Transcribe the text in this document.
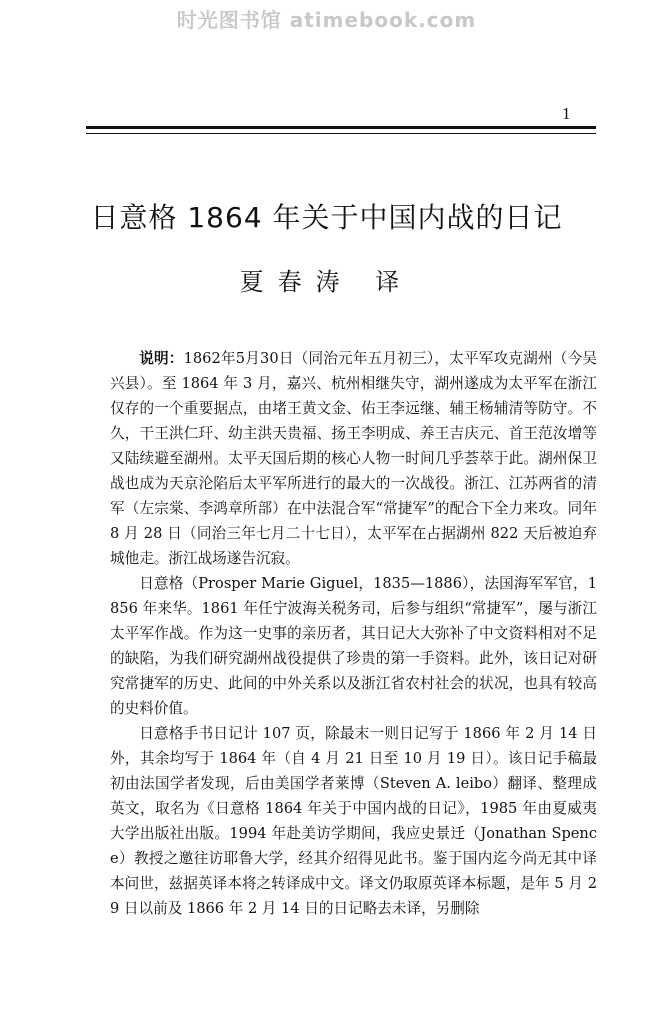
时光图书馆 atimebook.com
1
日意格 1864 年关于中国内战的日记
夏春涛 译

说明：1862年5月30日（同治元年五月初三），太平军攻克湖州（今吴兴县）。至 1864 年 3 月，嘉兴、杭州相继失守，湖州遂成为太平军在浙江仅存的一个重要据点，由堵王黄文金、佑王李远继、辅王杨辅清等防守。不久，干王洪仁玕、幼主洪天贵福、扬王李明成、养王吉庆元、首王范汝增等又陆续避至湖州。太平天国后期的核心人物一时间几乎荟萃于此。湖州保卫战也成为天京沦陷后太平军所进行的最大的一次战役。浙江、江苏两省的清军（左宗棠、李鸿章所部）在中法混合军“常捷军”的配合下全力来攻。同年 8 月 28 日（同治三年七月二十七日），太平军在占据湖州 822 天后被迫弃城他走。浙江战场遂告沉寂。

日意格（Prosper Marie Giguel，1835—1886），法国海军军官，1856 年来华。1861 年任宁波海关税务司，后参与组织“常捷军”，屡与浙江太平军作战。作为这一史事的亲历者，其日记大大弥补了中文资料相对不足的缺陷，为我们研究湖州战役提供了珍贵的第一手资料。此外，该日记对研究常捷军的历史、此间的中外关系以及浙江省农村社会的状况，也具有较高的史料价值。

日意格手书日记计 107 页，除最末一则日记写于 1866 年 2 月 14 日外，其余均写于 1864 年（自 4 月 21 日至 10 月 19 日）。该日记手稿最初由法国学者发现，后由美国学者莱博（Steven A. leibo）翻译、整理成英文，取名为《日意格 1864 年关于中国内战的日记》，1985 年由夏威夷大学出版社出版。1994 年赴美访学期间，我应史景迁（Jonathan Spence）教授之邀往访耶鲁大学，经其介绍得见此书。鉴于国内迄今尚无其中译本问世，兹据英译本将之转译成中文。译文仍取原英译本标题，是年 5 月 29 日以前及 1866 年 2 月 14 日的日记略去未译，另删除
